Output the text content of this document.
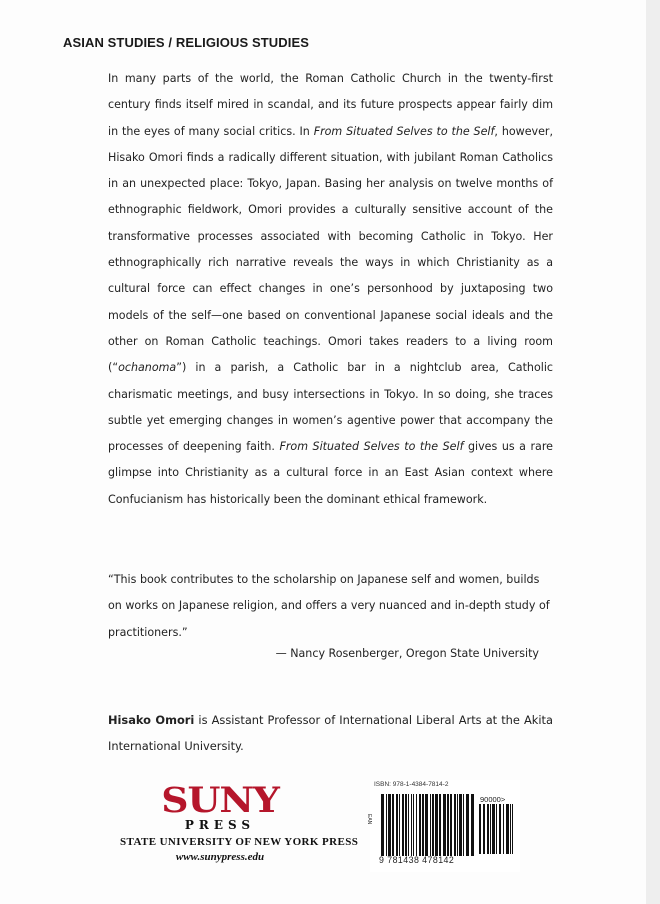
ASIAN STUDIES / RELIGIOUS STUDIES

In many parts of the world, the Roman Catholic Church in the twenty-first century finds itself mired in scandal, and its future prospects appear fairly dim in the eyes of many social critics. In From Situated Selves to the Self, however, Hisako Omori finds a radically different situation, with jubilant Roman Catholics in an unexpected place: Tokyo, Japan. Basing her analysis on twelve months of ethnographic fieldwork, Omori provides a culturally sensitive account of the transformative processes associated with becoming Catholic in Tokyo. Her ethnographically rich narrative reveals the ways in which Christianity as a cultural force can effect changes in one’s personhood by juxtaposing two models of the self—one based on conventional Japanese social ideals and the other on Roman Catholic teachings. Omori takes readers to a living room (“ochanoma”) in a parish, a Catholic bar in a nightclub area, Catholic charismatic meetings, and busy intersections in Tokyo. In so doing, she traces subtle yet emerging changes in women’s agentive power that accompany the processes of deepening faith. From Situated Selves to the Self gives us a rare glimpse into Christianity as a cultural force in an East Asian context where Confucianism has historically been the dominant ethical framework.

“This book contributes to the scholarship on Japanese self and women, builds on works on Japanese religion, and offers a very nuanced and in-depth study of practitioners.”

— Nancy Rosenberger, Oregon State University

Hisako Omori is Assistant Professor of International Liberal Arts at the Akita International University.

SUNY
PRESS
STATE UNIVERSITY OF NEW YORK PRESS
www.sunypress.edu
ISBN: 978-1-4384-7814-2
EAN
90000>
9 781438 478142
